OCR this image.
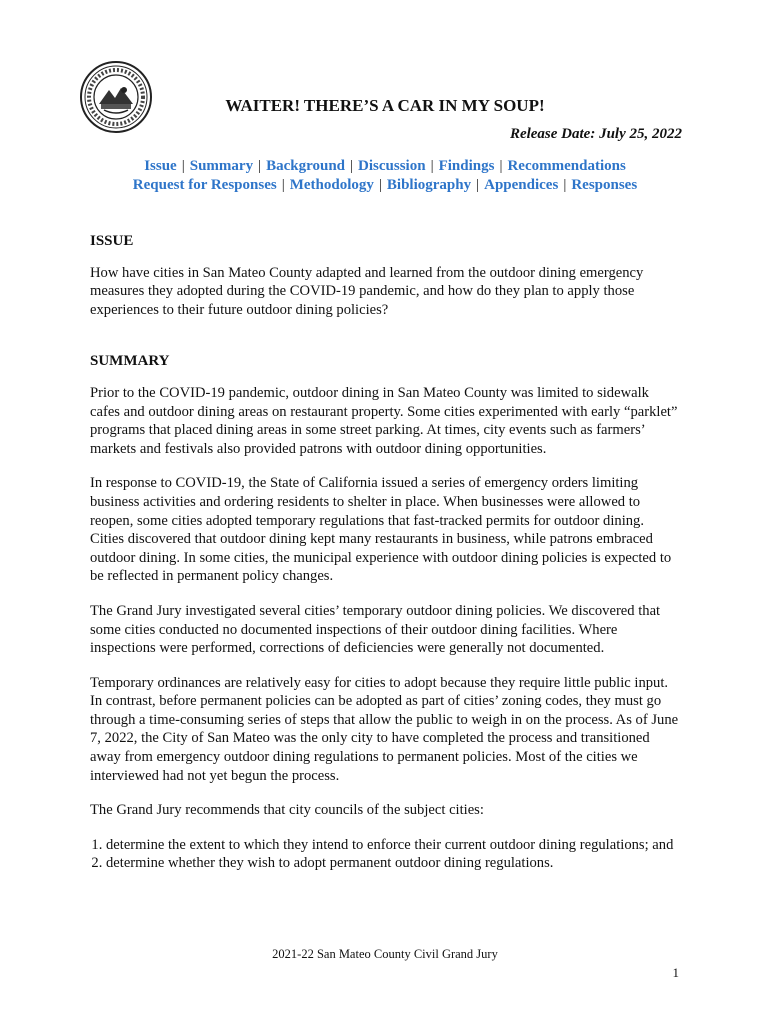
WAITER! THERE’S A CAR IN MY SOUP!
Release Date: July 25, 2022
Issue | Summary | Background | Discussion | Findings | Recommendations
Request for Responses | Methodology | Bibliography | Appendices | Responses
ISSUE

How have cities in San Mateo County adapted and learned from the outdoor dining emergency measures they adopted during the COVID-19 pandemic, and how do they plan to apply those experiences to their future outdoor dining policies?

SUMMARY

Prior to the COVID-19 pandemic, outdoor dining in San Mateo County was limited to sidewalk cafes and outdoor dining areas on restaurant property. Some cities experimented with early “parklet” programs that placed dining areas in some street parking. At times, city events such as farmers’ markets and festivals also provided patrons with outdoor dining opportunities.

In response to COVID-19, the State of California issued a series of emergency orders limiting business activities and ordering residents to shelter in place. When businesses were allowed to reopen, some cities adopted temporary regulations that fast-tracked permits for outdoor dining. Cities discovered that outdoor dining kept many restaurants in business, while patrons embraced outdoor dining. In some cities, the municipal experience with outdoor dining policies is expected to be reflected in permanent policy changes.

The Grand Jury investigated several cities’ temporary outdoor dining policies. We discovered that some cities conducted no documented inspections of their outdoor dining facilities. Where inspections were performed, corrections of deficiencies were generally not documented.

Temporary ordinances are relatively easy for cities to adopt because they require little public input. In contrast, before permanent policies can be adopted as part of cities’ zoning codes, they must go through a time-consuming series of steps that allow the public to weigh in on the process. As of June 7, 2022, the City of San Mateo was the only city to have completed the process and transitioned away from emergency outdoor dining regulations to permanent policies. Most of the cities we interviewed had not yet begun the process.

The Grand Jury recommends that city councils of the subject cities:

1. determine the extent to which they intend to enforce their current outdoor dining regulations; and
2. determine whether they wish to adopt permanent outdoor dining regulations.
2021-22 San Mateo County Civil Grand Jury
1
